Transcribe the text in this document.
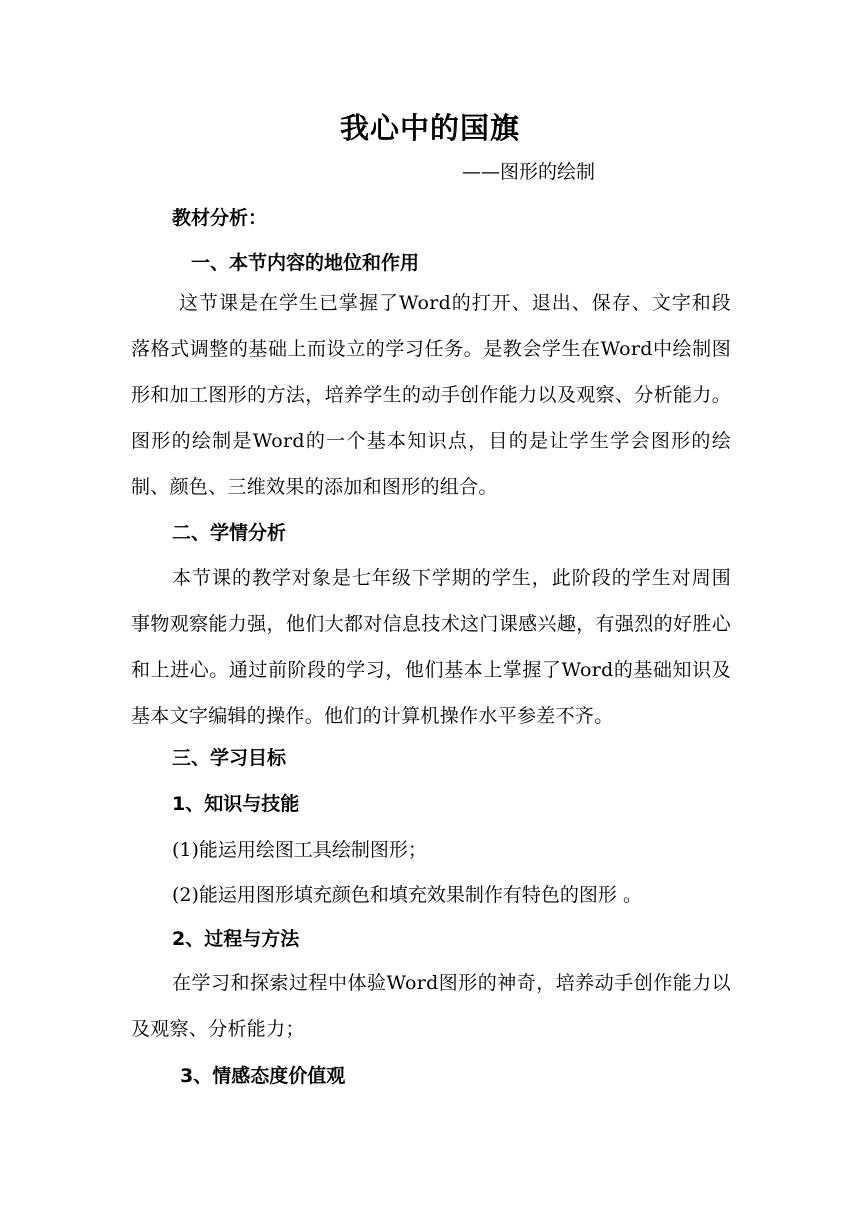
我心中的国旗
——图形的绘制
教材分析：
一、本节内容的地位和作用
这节课是在学生已掌握了Word的打开、退出、保存、文字和段落格式调整的基础上而设立的学习任务。是教会学生在Word中绘制图形和加工图形的方法，培养学生的动手创作能力以及观察、分析能力。图形的绘制是Word的一个基本知识点，目的是让学生学会图形的绘制、颜色、三维效果的添加和图形的组合。
二、学情分析
本节课的教学对象是七年级下学期的学生，此阶段的学生对周围事物观察能力强，他们大都对信息技术这门课感兴趣，有强烈的好胜心和上进心。通过前阶段的学习，他们基本上掌握了Word的基础知识及基本文字编辑的操作。他们的计算机操作水平参差不齐。
三、学习目标
1、知识与技能
(1)能运用绘图工具绘制图形；
(2)能运用图形填充颜色和填充效果制作有特色的图形 。
2、过程与方法
在学习和探索过程中体验Word图形的神奇，培养动手创作能力以及观察、分析能力；
3、情感态度价值观
